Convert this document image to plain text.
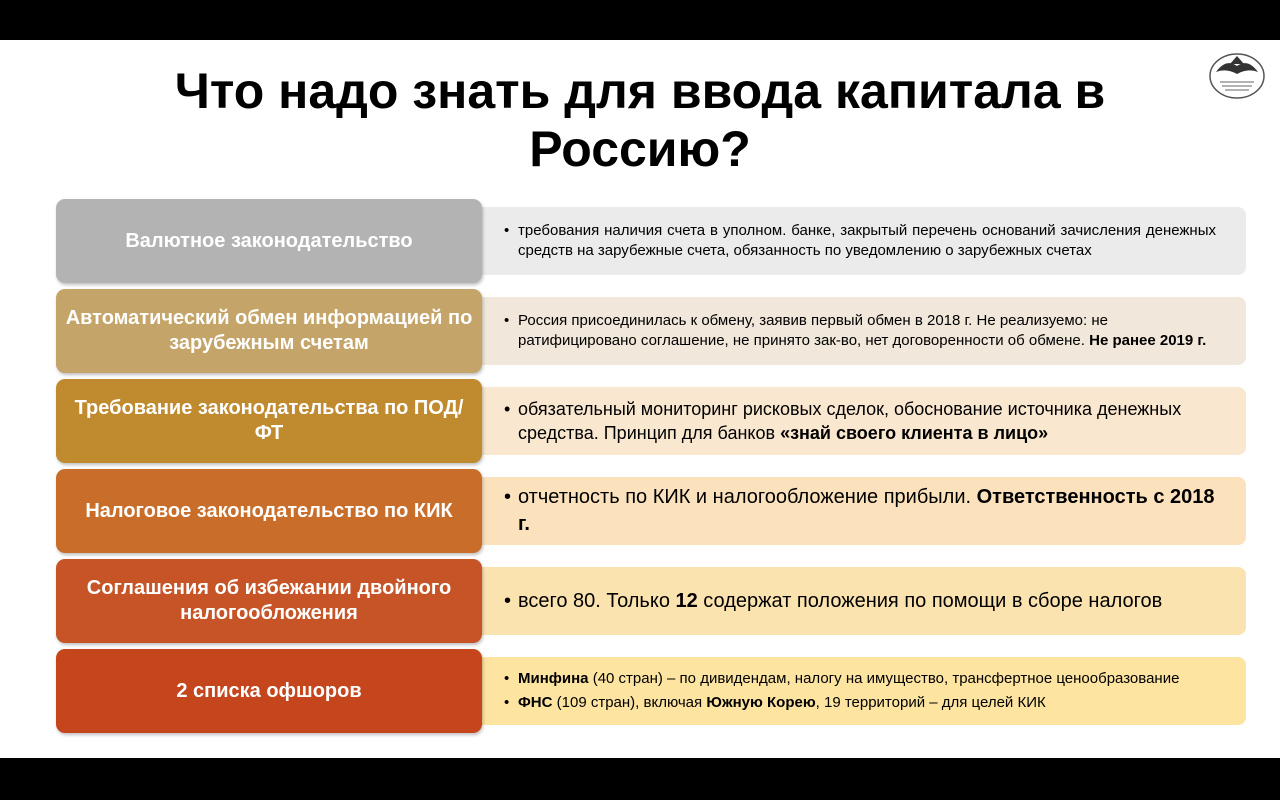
Что надо знать для ввода капитала в Россию?
Валютное законодательство
•	требования наличия счета в уполном. банке, закрытый перечень оснований зачисления денежных средств на зарубежные счета, обязанность по уведомлению о зарубежных счетах
Автоматический обмен информацией по зарубежным счетам
• Россия присоединилась к обмену, заявив первый обмен в 2018 г. Не реализуемо: не ратифицировано соглашение, не принято зак-во, нет договоренности об обмене. Не ранее 2019 г.
Требование законодательства по ПОД/ФТ
• обязательный мониторинг рисковых сделок, обоснование источника денежных средства. Принцип для банков «знай своего клиента в лицо»
Налоговое законодательство по КИК
• отчетность по КИК и налогообложение прибыли. Ответственность с 2018 г.
Соглашения об избежании двойного налогообложения
• всего 80. Только 12 содержат положения по помощи в сборе налогов
2 списка офшоров
• Минфина (40 стран) – по дивидендам, налогу на имущество, трансфертное ценообразование
• ФНС (109 стран), включая Южную Корею, 19 территорий – для целей КИК
